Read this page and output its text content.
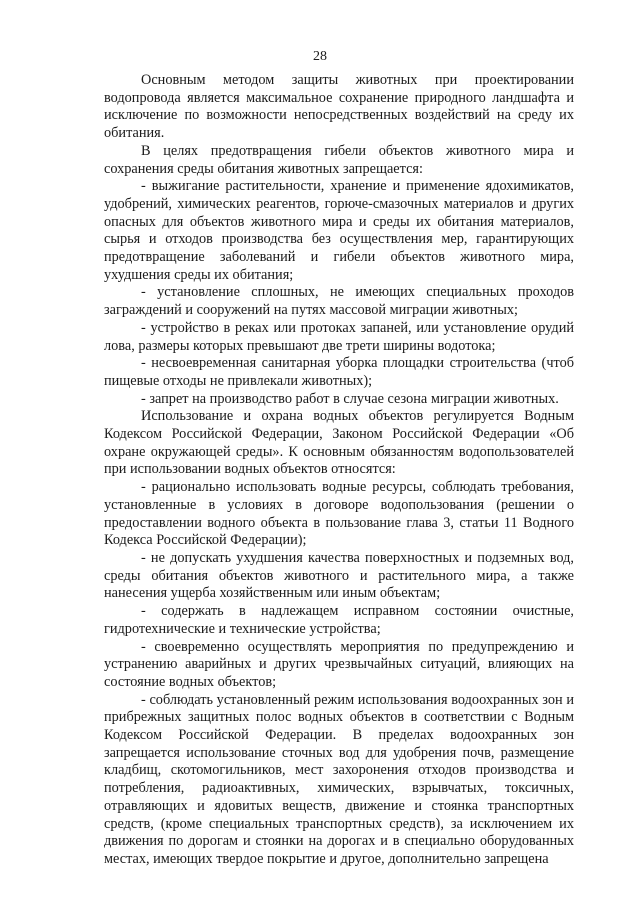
28

Основным методом защиты животных при проектировании водопровода является максимальное сохранение природного ландшафта и исключение по возможности непосредственных воздействий на среду их обитания.

В целях предотвращения гибели объектов животного мира и сохранения среды обитания животных запрещается:

- выжигание растительности, хранение и применение ядохимикатов, удобрений, химических реагентов, горюче-смазочных материалов и других опасных для объектов животного мира и среды их обитания материалов, сырья и отходов производства без осуществления мер, гарантирующих предотвращение заболеваний и гибели объектов животного мира, ухудшения среды их обитания;

- установление сплошных, не имеющих специальных проходов заграждений и сооружений на путях массовой миграции животных;

- устройство в реках или протоках запаней, или установление орудий лова, размеры которых превышают две трети ширины водотока;

- несвоевременная санитарная уборка площадки строительства (чтоб пищевые отходы не привлекали животных);

- запрет на производство работ в случае сезона миграции животных.

Использование и охрана водных объектов регулируется Водным Кодексом Российской Федерации, Законом Российской Федерации «Об охране окружающей среды». К основным обязанностям водопользователей при использовании водных объектов относятся:

- рационально использовать водные ресурсы, соблюдать требования, установленные в условиях в договоре водопользования (решении о предоставлении водного объекта в пользование глава 3, статьи 11 Водного Кодекса Российской Федерации);

- не допускать ухудшения качества поверхностных и подземных вод, среды обитания объектов животного и растительного мира, а также нанесения ущерба хозяйственным или иным объектам;

- содержать в надлежащем исправном состоянии очистные, гидротехнические и технические устройства;

- своевременно осуществлять мероприятия по предупреждению и устранению аварийных и других чрезвычайных ситуаций, влияющих на состояние водных объектов;

- соблюдать установленный режим использования водоохранных зон и прибрежных защитных полос водных объектов в соответствии с Водным Кодексом Российской Федерации. В пределах водоохранных зон запрещается использование сточных вод для удобрения почв, размещение кладбищ, скотомогильников, мест захоронения отходов производства и потребления, радиоактивных, химических, взрывчатых, токсичных, отравляющих и ядовитых веществ, движение и стоянка транспортных средств, (кроме специальных транспортных средств), за исключением их движения по дорогам и стоянки на дорогах и в специально оборудованных местах, имеющих твердое покрытие и другое, дополнительно запрещена
